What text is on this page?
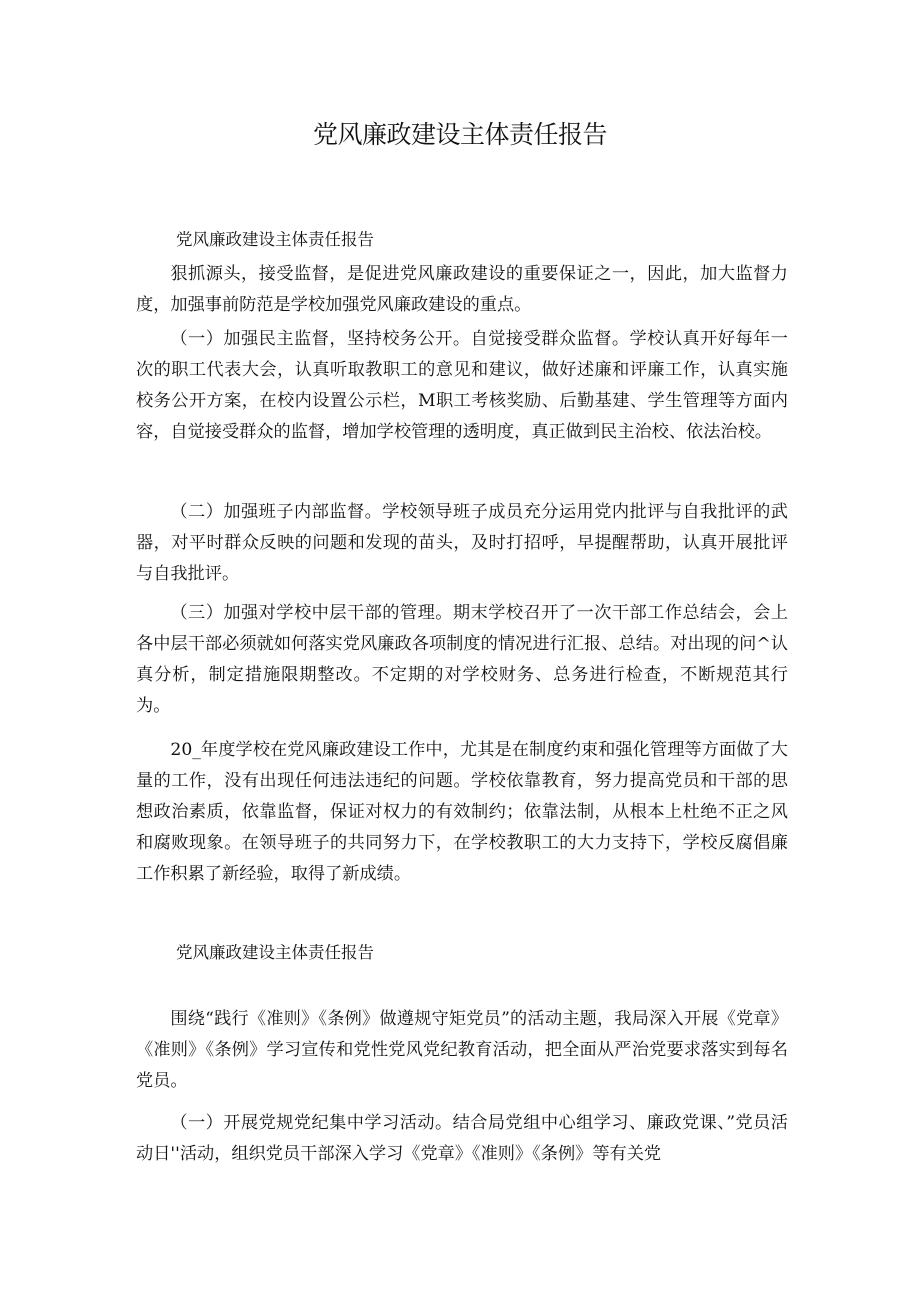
党风廉政建设主体责任报告

党风廉政建设主体责任报告

狠抓源头，接受监督，是促进党风廉政建设的重要保证之一，因此，加大监督力度，加强事前防范是学校加强党风廉政建设的重点。

（一）加强民主监督，坚持校务公开。自觉接受群众监督。学校认真开好每年一次的职工代表大会，认真听取教职工的意见和建议，做好述廉和评廉工作，认真实施校务公开方案，在校内设置公示栏，M职工考核奖励、后勤基建、学生管理等方面内容，自觉接受群众的监督，增加学校管理的透明度，真正做到民主治校、依法治校。

（二）加强班子内部监督。学校领导班子成员充分运用党内批评与自我批评的武器，对平时群众反映的问题和发现的苗头，及时打招呼，早提醒帮助，认真开展批评与自我批评。

（三）加强对学校中层干部的管理。期末学校召开了一次干部工作总结会，会上各中层干部必须就如何落实党风廉政各项制度的情况进行汇报、总结。对出现的问^认真分析，制定措施限期整改。不定期的对学校财务、总务进行检查，不断规范其行为。

20_年度学校在党风廉政建设工作中，尤其是在制度约束和强化管理等方面做了大量的工作，没有出现任何违法违纪的问题。学校依靠教育，努力提高党员和干部的思想政治素质，依靠监督，保证对权力的有效制约；依靠法制，从根本上杜绝不正之风和腐败现象。在领导班子的共同努力下，在学校教职工的大力支持下，学校反腐倡廉工作积累了新经验，取得了新成绩。

党风廉政建设主体责任报告

围绕“践行《准则》《条例》做遵规守矩党员”的活动主题，我局深入开展《党章》《准则》《条例》学习宣传和党性党风党纪教育活动，把全面从严治党要求落实到每名党员。

（一）开展党规党纪集中学习活动。结合局党组中心组学习、廉政党课、”党员活动日''活动，组织党员干部深入学习《党章》《准则》《条例》等有关党
